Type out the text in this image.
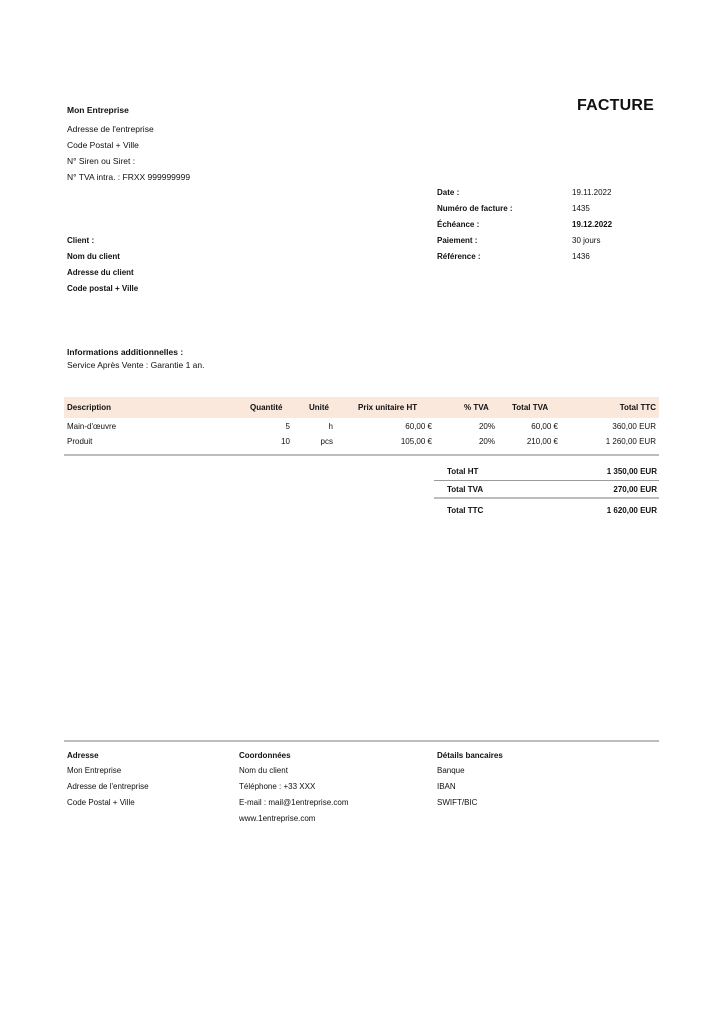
Mon Entreprise
Adresse de l'entreprise
Code Postal + Ville
N° Siren ou Siret :
N° TVA intra. : FRXX 999999999
FACTURE
Date :	19.11.2022
Numéro de facture :	1435
Échéance :	19.12.2022
Paiement :	30 jours
Référence :	1436
Client :
Nom du client
Adresse du client
Code postal + Ville
Informations additionnelles :
Service Après Vente : Garantie 1 an.
Description	Quantité	Unité	Prix unitaire HT	% TVA	Total TVA	Total TTC
Main-d'œuvre	5	h	60,00 €	20%	60,00 €	360,00 EUR
Produit	10	pcs	105,00 €	20%	210,00 €	1 260,00 EUR
Total HT	1 350,00 EUR
Total TVA	270,00 EUR
Total TTC	1 620,00 EUR
Adresse
Mon Entreprise
Adresse de l'entreprise
Code Postal + Ville
Coordonnées
Nom du client
Téléphone : +33 XXX
E-mail : mail@1entreprise.com
www.1entreprise.com
Détails bancaires
Banque
IBAN
SWIFT/BIC
